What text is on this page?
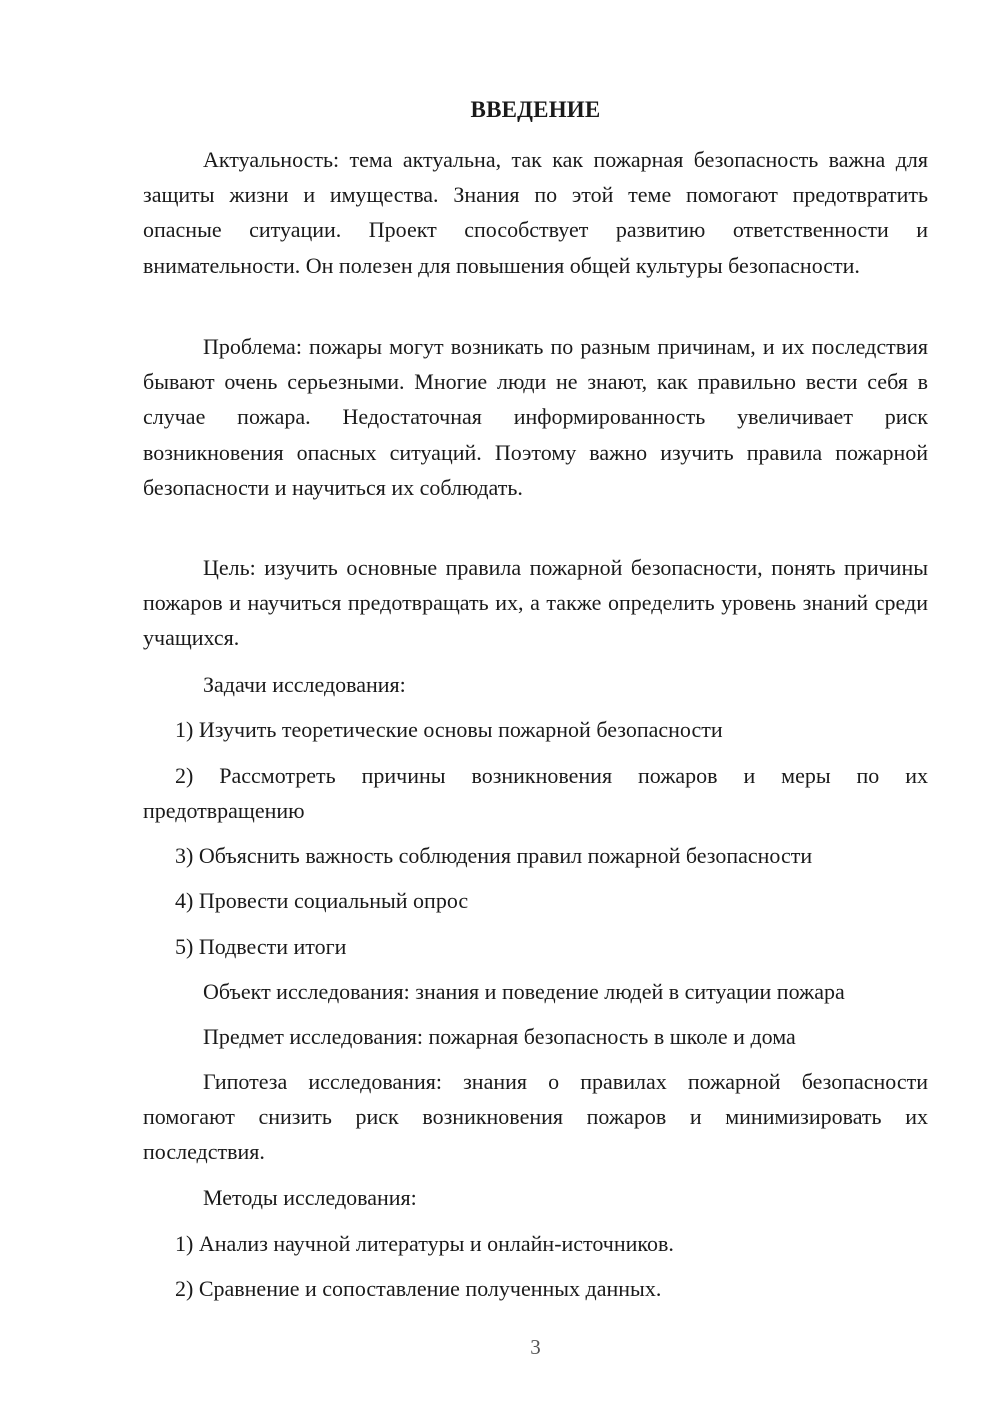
ВВЕДЕНИЕ
Актуальность: тема актуальна, так как пожарная безопасность важна для защиты жизни и имущества. Знания по этой теме помогают предотвратить опасные ситуации. Проект способствует развитию ответственности и внимательности. Он полезен для повышения общей культуры безопасности.
Проблема: пожары могут возникать по разным причинам, и их последствия бывают очень серьезными. Многие люди не знают, как правильно вести себя в случае пожара. Недостаточная информированность увеличивает риск возникновения опасных ситуаций. Поэтому важно изучить правила пожарной безопасности и научиться их соблюдать.
Цель: изучить основные правила пожарной безопасности, понять причины пожаров и научиться предотвращать их, а также определить уровень знаний среди учащихся.
Задачи исследования:
1) Изучить теоретические основы пожарной безопасности
2) Рассмотреть причины возникновения пожаров и меры по их предотвращению
3) Объяснить важность соблюдения правил пожарной безопасности
4) Провести социальный опрос
5) Подвести итоги
Объект исследования: знания и поведение людей в ситуации пожара
Предмет исследования: пожарная безопасность в школе и дома
Гипотеза исследования: знания о правилах пожарной безопасности помогают снизить риск возникновения пожаров и минимизировать их последствия.
Методы исследования:
1) Анализ научной литературы и онлайн-источников.
2) Сравнение и сопоставление полученных данных.
3
